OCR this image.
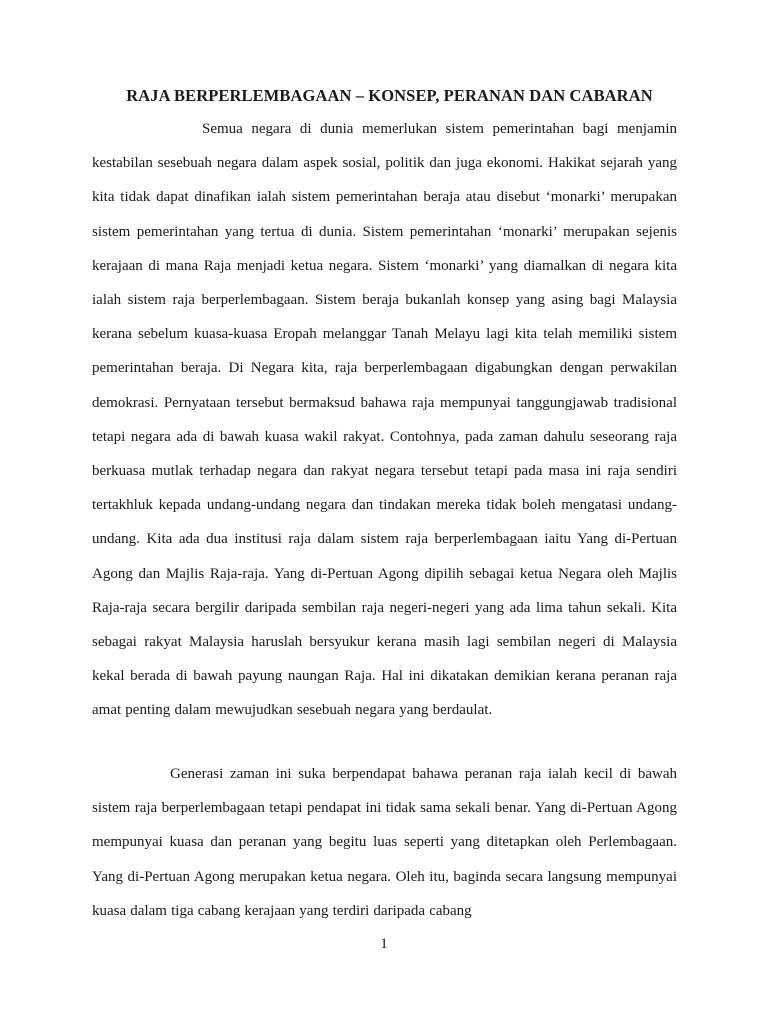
RAJA BERPERLEMBAGAAN – KONSEP, PERANAN DAN CABARAN

Semua negara di dunia memerlukan sistem pemerintahan bagi menjamin kestabilan sesebuah negara dalam aspek sosial, politik dan juga ekonomi. Hakikat sejarah yang kita tidak dapat dinafikan ialah sistem pemerintahan beraja atau disebut ‘monarki’ merupakan sistem pemerintahan yang tertua di dunia. Sistem pemerintahan ‘monarki’ merupakan sejenis kerajaan di mana Raja menjadi ketua negara. Sistem ‘monarki’ yang diamalkan di negara kita ialah sistem raja berperlembagaan. Sistem beraja bukanlah konsep yang asing bagi Malaysia kerana sebelum kuasa-kuasa Eropah melanggar Tanah Melayu lagi kita telah memiliki sistem pemerintahan beraja. Di Negara kita, raja berperlembagaan digabungkan dengan perwakilan demokrasi. Pernyataan tersebut bermaksud bahawa raja mempunyai tanggungjawab tradisional tetapi negara ada di bawah kuasa wakil rakyat. Contohnya, pada zaman dahulu seseorang raja berkuasa mutlak terhadap negara dan rakyat negara tersebut tetapi pada masa ini raja sendiri tertakhluk kepada undang-undang negara dan tindakan mereka tidak boleh mengatasi undang-undang. Kita ada dua institusi raja dalam sistem raja berperlembagaan iaitu Yang di-Pertuan Agong dan Majlis Raja-raja. Yang di-Pertuan Agong dipilih sebagai ketua Negara oleh Majlis Raja-raja secara bergilir daripada sembilan raja negeri-negeri yang ada lima tahun sekali. Kita sebagai rakyat Malaysia haruslah bersyukur kerana masih lagi sembilan negeri di Malaysia kekal berada di bawah payung naungan Raja. Hal ini dikatakan demikian kerana peranan raja amat penting dalam mewujudkan sesebuah negara yang berdaulat.

Generasi zaman ini suka berpendapat bahawa peranan raja ialah kecil di bawah sistem raja berperlembagaan tetapi pendapat ini tidak sama sekali benar. Yang di-Pertuan Agong mempunyai kuasa dan peranan yang begitu luas seperti yang ditetapkan oleh Perlembagaan. Yang di-Pertuan Agong merupakan ketua negara. Oleh itu, baginda secara langsung mempunyai kuasa dalam tiga cabang kerajaan yang terdiri daripada cabang

1
